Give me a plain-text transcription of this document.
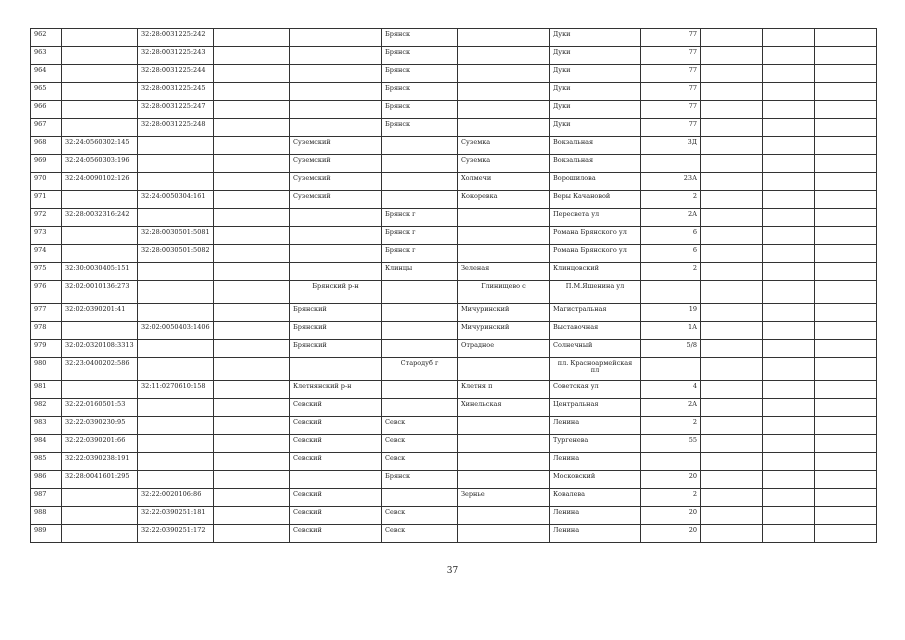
962		32:28:0031225:242			Брянск		Дуки	77			
963		32:28:0031225:243			Брянск		Дуки	77			
964		32:28:0031225:244			Брянск		Дуки	77			
965		32:28:0031225:245			Брянск		Дуки	77			
966		32:28:0031225:247			Брянск		Дуки	77			
967		32:28:0031225:248			Брянск		Дуки	77			
968	32:24:0560302:145			Суземский		Суземка	Вокзальная	3Д			
969	32:24:0560303:196			Суземский		Суземка	Вокзальная				
970	32:24:0090102:126			Суземский		Холмечи	Ворошилова	23А			
971		32:24:0050304:161		Суземский		Кокоревка	Веры Качановой	2			
972	32:28:0032316:242				Брянск г		Пересвета ул	2А			
973		32:28:0030501:5081			Брянск г		Романа Брянского ул	6			
974		32:28:0030501:5082			Брянск г		Романа Брянского ул	6			
975	32:30:0030405:151				Клинцы	Зеленая	Клинцовский	2			
976	32:02:0010136:273			Брянский р-н		Глинищево с	П.М.Яшенина ул				
977	32:02:0390201:41			Брянский		Мичуринский	Магистральная	19			
978		32:02:0050403:1406		Брянский		Мичуринский	Выставочная	1А			
979	32:02:0320108:3313			Брянский		Отрадное	Солнечный	5/8			
980	32:23:0400202:586				Стародуб г		пл. Красноармейская пл				
981		32:11:0270610:158		Клетнянский р-н		Клетня п	Советская ул	4			
982	32:22:0160501:53			Севский		Хинельская	Центральная	2А			
983	32:22:0390230:95			Севский	Севск		Ленина	2			
984	32:22:0390201:66			Севский	Севск		Тургенева	55			
985	32:22:0390238:191			Севский	Севск		Ленина				
986	32:28:0041601:295				Брянск		Московский	20			
987		32:22:0020106:86		Севский		Зернье	Ковалева	2			
988		32:22:0390251:181		Севский	Севск		Ленина	20			
989		32:22:0390251:172		Севский	Севск		Ленина	20			
37
